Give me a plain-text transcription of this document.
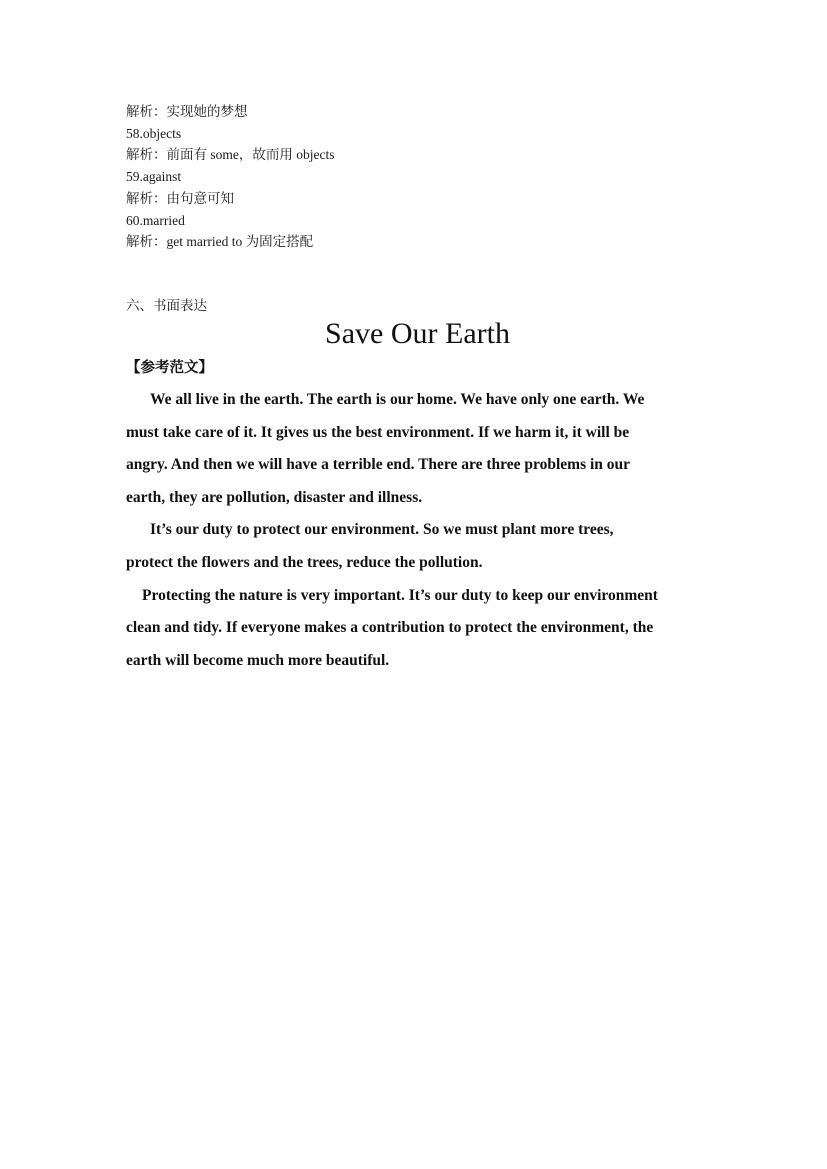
解析：实现她的梦想
58.objects
解析：前面有 some，故而用 objects
59.against
解析：由句意可知
60.married
解析：get married to 为固定搭配
六、书面表达
Save Our Earth
【参考范文】
We all live in the earth. The earth is our home. We have only one earth. We
must take care of it. It gives us the best environment. If we harm it, it will be
angry. And then we will have a terrible end. There are three problems in our
earth, they are pollution, disaster and illness.
It’s our duty to protect our environment. So we must plant more trees,
protect the flowers and the trees, reduce the pollution.
Protecting the nature is very important. It’s our duty to keep our environment
clean and tidy. If everyone makes a contribution to protect the environment, the
earth will become much more beautiful.
